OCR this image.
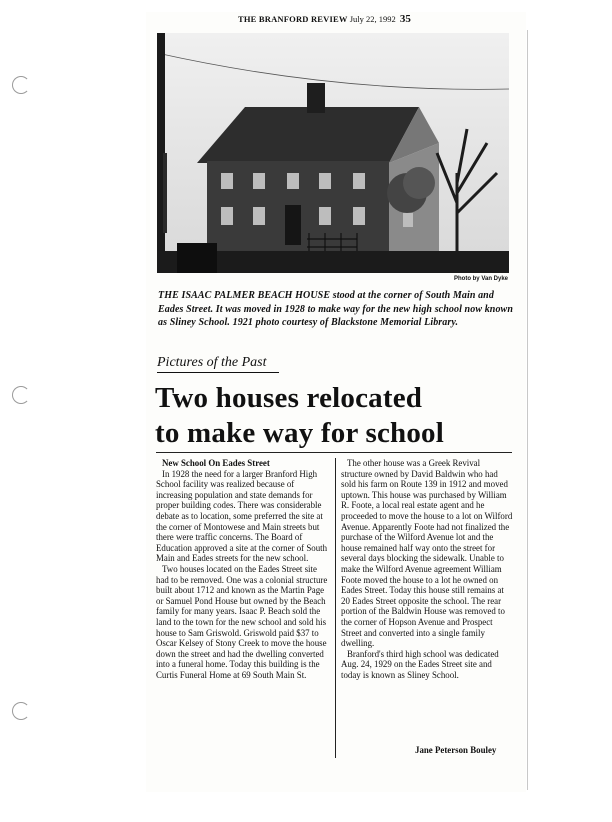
THE BRANFORD REVIEW July 22, 1992 35
Photo by Van Dyke
THE ISAAC PALMER BEACH HOUSE stood at the corner of South Main and Eades Street. It was moved in 1928 to make way for the new high school now known as Sliney School. 1921 photo courtesy of Blackstone Memorial Library.
Pictures of the Past
Two houses relocated
to make way for school

New School On Eades Street

In 1928 the need for a larger Branford High School facility was realized because of increasing population and state demands for proper building codes. There was considerable debate as to location, some preferred the site at the corner of Montowese and Main streets but there were traffic concerns. The Board of Education approved a site at the corner of South Main and Eades streets for the new school.

Two houses located on the Eades Street site had to be removed. One was a colonial structure built about 1712 and known as the Martin Page or Samuel Pond House but owned by the Beach family for many years. Isaac P. Beach sold the land to the town for the new school and sold his house to Sam Griswold. Griswold paid $37 to Oscar Kelsey of Stony Creek to move the house down the street and had the dwelling converted into a funeral home. Today this building is the Curtis Funeral Home at 69 South Main St.

The other house was a Greek Revival structure owned by David Baldwin who had sold his farm on Route 139 in 1912 and moved uptown. This house was purchased by William R. Foote, a local real estate agent and he proceeded to move the house to a lot on Wilford Avenue. Apparently Foote had not finalized the purchase of the Wilford Avenue lot and the house remained half way onto the street for several days blocking the sidewalk. Unable to make the Wilford Avenue agreement William Foote moved the house to a lot he owned on Eades Street. Today this house still remains at 20 Eades Street opposite the school. The rear portion of the Baldwin House was removed to the corner of Hopson Avenue and Prospect Street and converted into a single family dwelling.

Branford's third high school was dedicated Aug. 24, 1929 on the Eades Street site and today is known as Sliney School.

Jane Peterson Bouley
